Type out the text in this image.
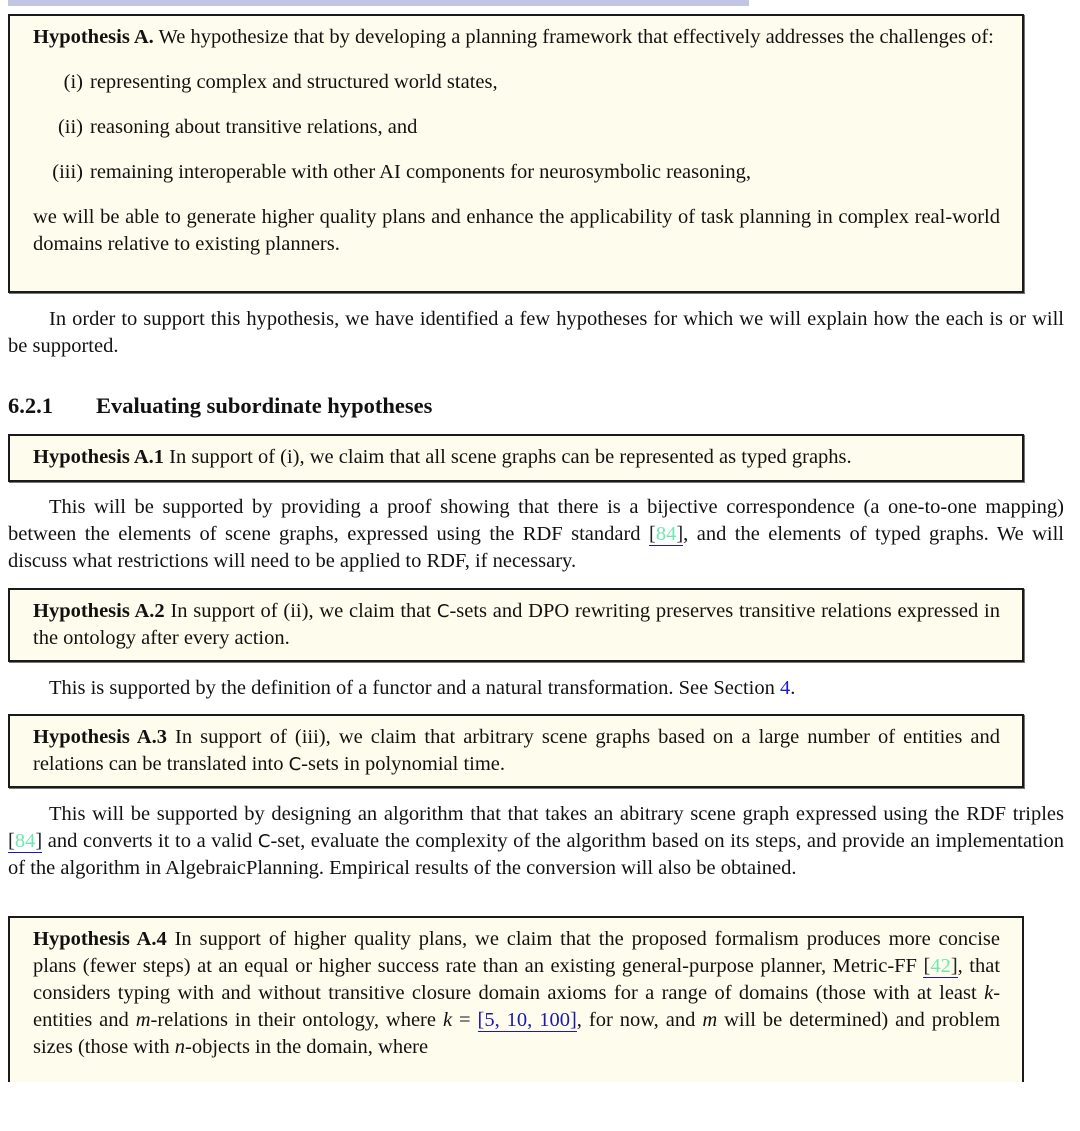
Hypothesis A. We hypothesize that by developing a planning framework that effectively addresses the challenges of:

(i) representing complex and structured world states,
(ii) reasoning about transitive relations, and
(iii) remaining interoperable with other AI components for neurosymbolic reasoning,

we will be able to generate higher quality plans and enhance the applicability of task planning in complex real-world domains relative to existing planners.

In order to support this hypothesis, we have identified a few hypotheses for which we will explain how the each is or will be supported.

6.2.1 Evaluating subordinate hypotheses

Hypothesis A.1 In support of (i), we claim that all scene graphs can be represented as typed graphs.

This will be supported by providing a proof showing that there is a bijective correspondence (a one-to-one mapping) between the elements of scene graphs, expressed using the RDF standard [84], and the elements of typed graphs. We will discuss what restrictions will need to be applied to RDF, if necessary.

Hypothesis A.2 In support of (ii), we claim that C-sets and DPO rewriting preserves transitive relations expressed in the ontology after every action.

This is supported by the definition of a functor and a natural transformation. See Section 4.

Hypothesis A.3 In support of (iii), we claim that arbitrary scene graphs based on a large number of entities and relations can be translated into C-sets in polynomial time.

This will be supported by designing an algorithm that that takes an abitrary scene graph expressed using the RDF triples [84] and converts it to a valid C-set, evaluate the complexity of the algorithm based on its steps, and provide an implementation of the algorithm in AlgebraicPlanning. Empirical results of the conversion will also be obtained.

Hypothesis A.4 In support of higher quality plans, we claim that the proposed formalism produces more concise plans (fewer steps) at an equal or higher success rate than an existing general-purpose planner, Metric-FF [42], that considers typing with and without transitive closure domain axioms for a range of domains (those with at least k-entities and m-relations in their ontology, where k = [5, 10, 100], for now, and m will be determined) and problem sizes (those with n-objects in the domain, where
